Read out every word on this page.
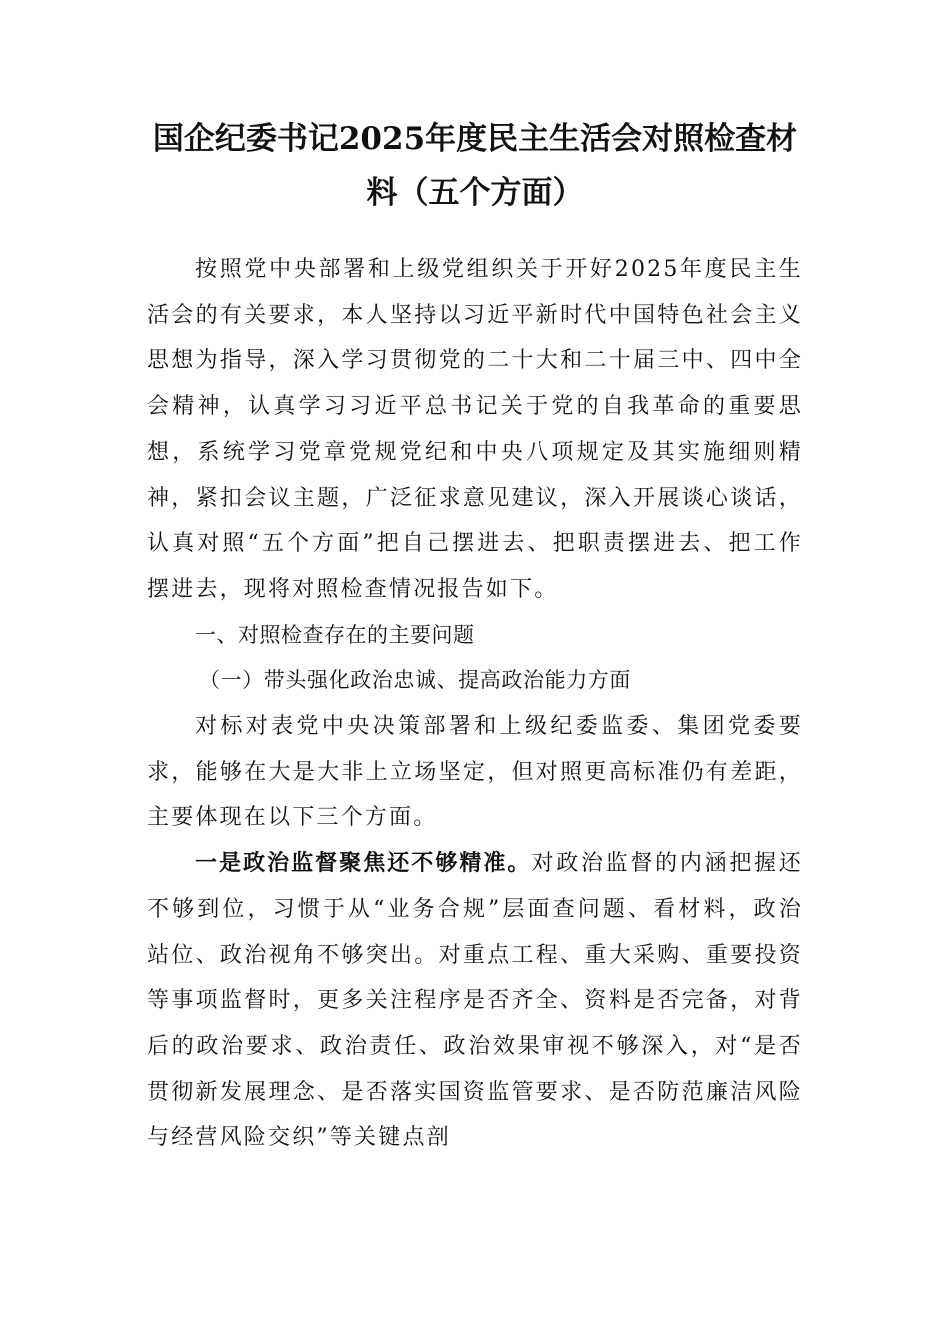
国企纪委书记2025年度民主生活会对照检查材料（五个方面）

按照党中央部署和上级党组织关于开好2025年度民主生活会的有关要求，本人坚持以习近平新时代中国特色社会主义思想为指导，深入学习贯彻党的二十大和二十届三中、四中全会精神，认真学习习近平总书记关于党的自我革命的重要思想，系统学习党章党规党纪和中央八项规定及其实施细则精神，紧扣会议主题，广泛征求意见建议，深入开展谈心谈话，认真对照“五个方面”把自己摆进去、把职责摆进去、把工作摆进去，现将对照检查情况报告如下。

一、对照检查存在的主要问题

（一）带头强化政治忠诚、提高政治能力方面

对标对表党中央决策部署和上级纪委监委、集团党委要求，能够在大是大非上立场坚定，但对照更高标准仍有差距，主要体现在以下三个方面。

一是政治监督聚焦还不够精准。对政治监督的内涵把握还不够到位，习惯于从“业务合规”层面查问题、看材料，政治站位、政治视角不够突出。对重点工程、重大采购、重要投资等事项监督时，更多关注程序是否齐全、资料是否完备，对背后的政治要求、政治责任、政治效果审视不够深入，对“是否贯彻新发展理念、是否落实国资监管要求、是否防范廉洁风险与经营风险交织”等关键点剖
